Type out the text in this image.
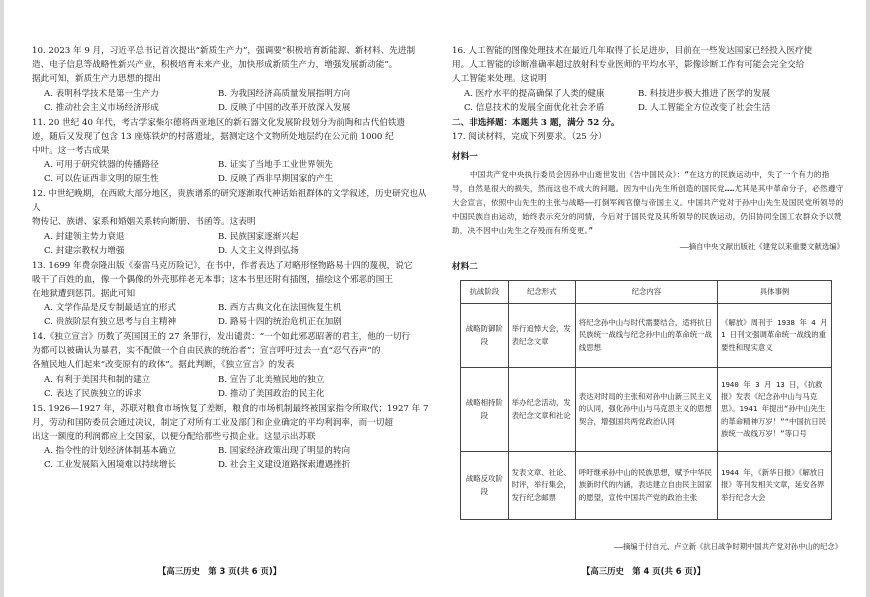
10. 2023 年 9 月，习近平总书记首次提出“新质生产力”，强调要“积极培育新能源、新材料、先进制

造、电子信息等战略性新兴产业，积极培育未来产业，加快形成新质生产力，增强发展新动能”。

据此可知，新质生产力思想的提出

A. 表明科学技术是第一生产力	B. 为我国经济高质量发展指明方向
C. 推动社会主义市场经济形成	D. 反映了中国的改革开放深入发展

11. 20 世纪 40 年代，考古学家柴尔德将西亚地区的新石器文化发展阶段划分为前陶和古代伯铁遗

迹，随后又发现了包含 13 座炼铁炉的村落遗址，据测定这个文物所处地层约在公元前 1000 纪

中叶。这一考古成果

A. 可用于研究铁器的传播路径	B. 证实了当地手工业世界领先
C. 可以佐证西非文明的原生性	D. 反映了西非早期国家的产生

12. 中世纪晚期，在西欧大部分地区，贵族谱系的研究逐渐取代神话始祖群体的文学叙述，历史研究也从人

物传记、族谱、家系和婚姻关系转向断册、书函等。这表明

A. 封建领主势力衰退	B. 民族国家逐渐兴起
C. 封建宗教权力增强	D. 人文主义得到弘扬

13. 1699 年费奈隆出版《泰雷马克历险记》，在书中，作者表达了对略形怪物路易十四的蔑视，说它

吸干了百姓的血，像一个偶像的外壳那样老无本事；这本书里还附有插图，描绘这个邪恶的国王

在地狱遭到惩罚。据此可知

A. 文学作品是反专制最适宜的形式	B. 西方古典文化在法国恢复生机
C. 贵族阶层有独立思考与自主精神	D. 路易十四的统治危机正在加剧

14.《独立宣言》历数了英国国王的 27 条罪行，发出谴责：“一个如此邪恶昭著的君主，他的一切行

为都可以被确认为暴君，实不配做一个自由民族的统治者”；宣言呼吁过去一直“忍气吞声”的

各殖民地人们起来“改变原有的政体”。据此判断，《独立宣言》的发表

A. 有利于美国共和制的建立	B. 宣告了北美殖民地的独立
C. 表达了民族独立的诉求	D. 推动了美国政治的民主化

15. 1926—1927 年，苏联对粮食市场恢复了差断，粮食的市场机制最终被国家指令所取代；1927 年 7

月，劳动和国防委员会通过决议，制定了对所有工业及部门和企业确定的平均利润率，而一切超

出这一额度的利润都应上交国家，以便分配给那些亏损企业。这显示出苏联

A. 指令性的计划经济体制基本确立	B. 国家经济政策出现了明显的转向
C. 工业发展陷入困境难以持续增长	D. 社会主义建设道路探索遭遇挫折

16. 人工智能的图像处理技术在最近几年取得了长足进步，目前在一些发达国家已经投入医疗使

用。人工智能的诊断准确率超过放射科专业医师的平均水平，影像诊断工作有可能会完全交给

人工智能来处理。这说明

A. 医疗水平的提高确保了人类的健康	B. 科技进步极大推进了医学的发展
C. 信息技术的发展全面优化社会矛盾	D. 人工智能全方位改变了社会生活

二、非选择题：本题共 3 题，满分 52 分。

17. 阅读材料，完成下列要求。（25 分）

材料一

中国共产党中央执行委员会因孙中山逝世发出《告中国民众》：“在这方的民族运动中，失了一个有力的指导，自然是很大的损失，然而这也不成大的问题。因为中山先生所创造的国民党……尤其是其中革命分子，必然遵守大会宣言，依照中山先生的主张与战略——打倒军阀官僚与帝国主义。中国共产党对于孙中山先生及国民党所领导的中国民族自由运动，始终表示充分的同情，今后对于国民党及其所领导的民族运动，仍旧协同全国工农群众予以赞助，决不因中山先生之存殁而有所变更。”

——摘自中央文献出版社《建党以来重要文献选编》

材料二

抗战阶段	纪念形式	纪念内容	具体事例
战略防御阶段	举行追悼大会，发表纪念文章	将纪念孙中山与时代需要结合，适将抗日民族统一战线与纪念孙中山的革命统一战线思想	《解放》周刊于 1938 年 4 月 1 日刊文强调革命统一战线的重要性和现实意义
战略相持阶段	举办纪念活动，发表纪念文章和社论	表达对时局的主张和对孙中山新三民主义的认同，强化孙中山与马克思主义的思想契合，增强国共两党政治认同	1940 年 3 月 13 日，《抗救报》发表《纪念孙中山与马克思》。1941 年提出“孙中山先生的革命精神万岁！”“中国抗日民族统一战线万岁！”等口号
战略反攻阶段	发表文章、社论、时评，举行集会，发行纪念邮票	呼吁继承孙中山的民族思想，赋予中华民族新时代的内涵，表达建立自由民主国家的愿望，宣传中国共产党的政治主张	1944 年，《新华日报》《解放日报》等刊发相关文章，延安各界举行纪念大会
——摘编于付自元、卢立新《抗日战争时期中国共产党对孙中山的纪念》
【高三历史　第 3 页(共 6 页)】	【高三历史　第 4 页(共 6 页)】
